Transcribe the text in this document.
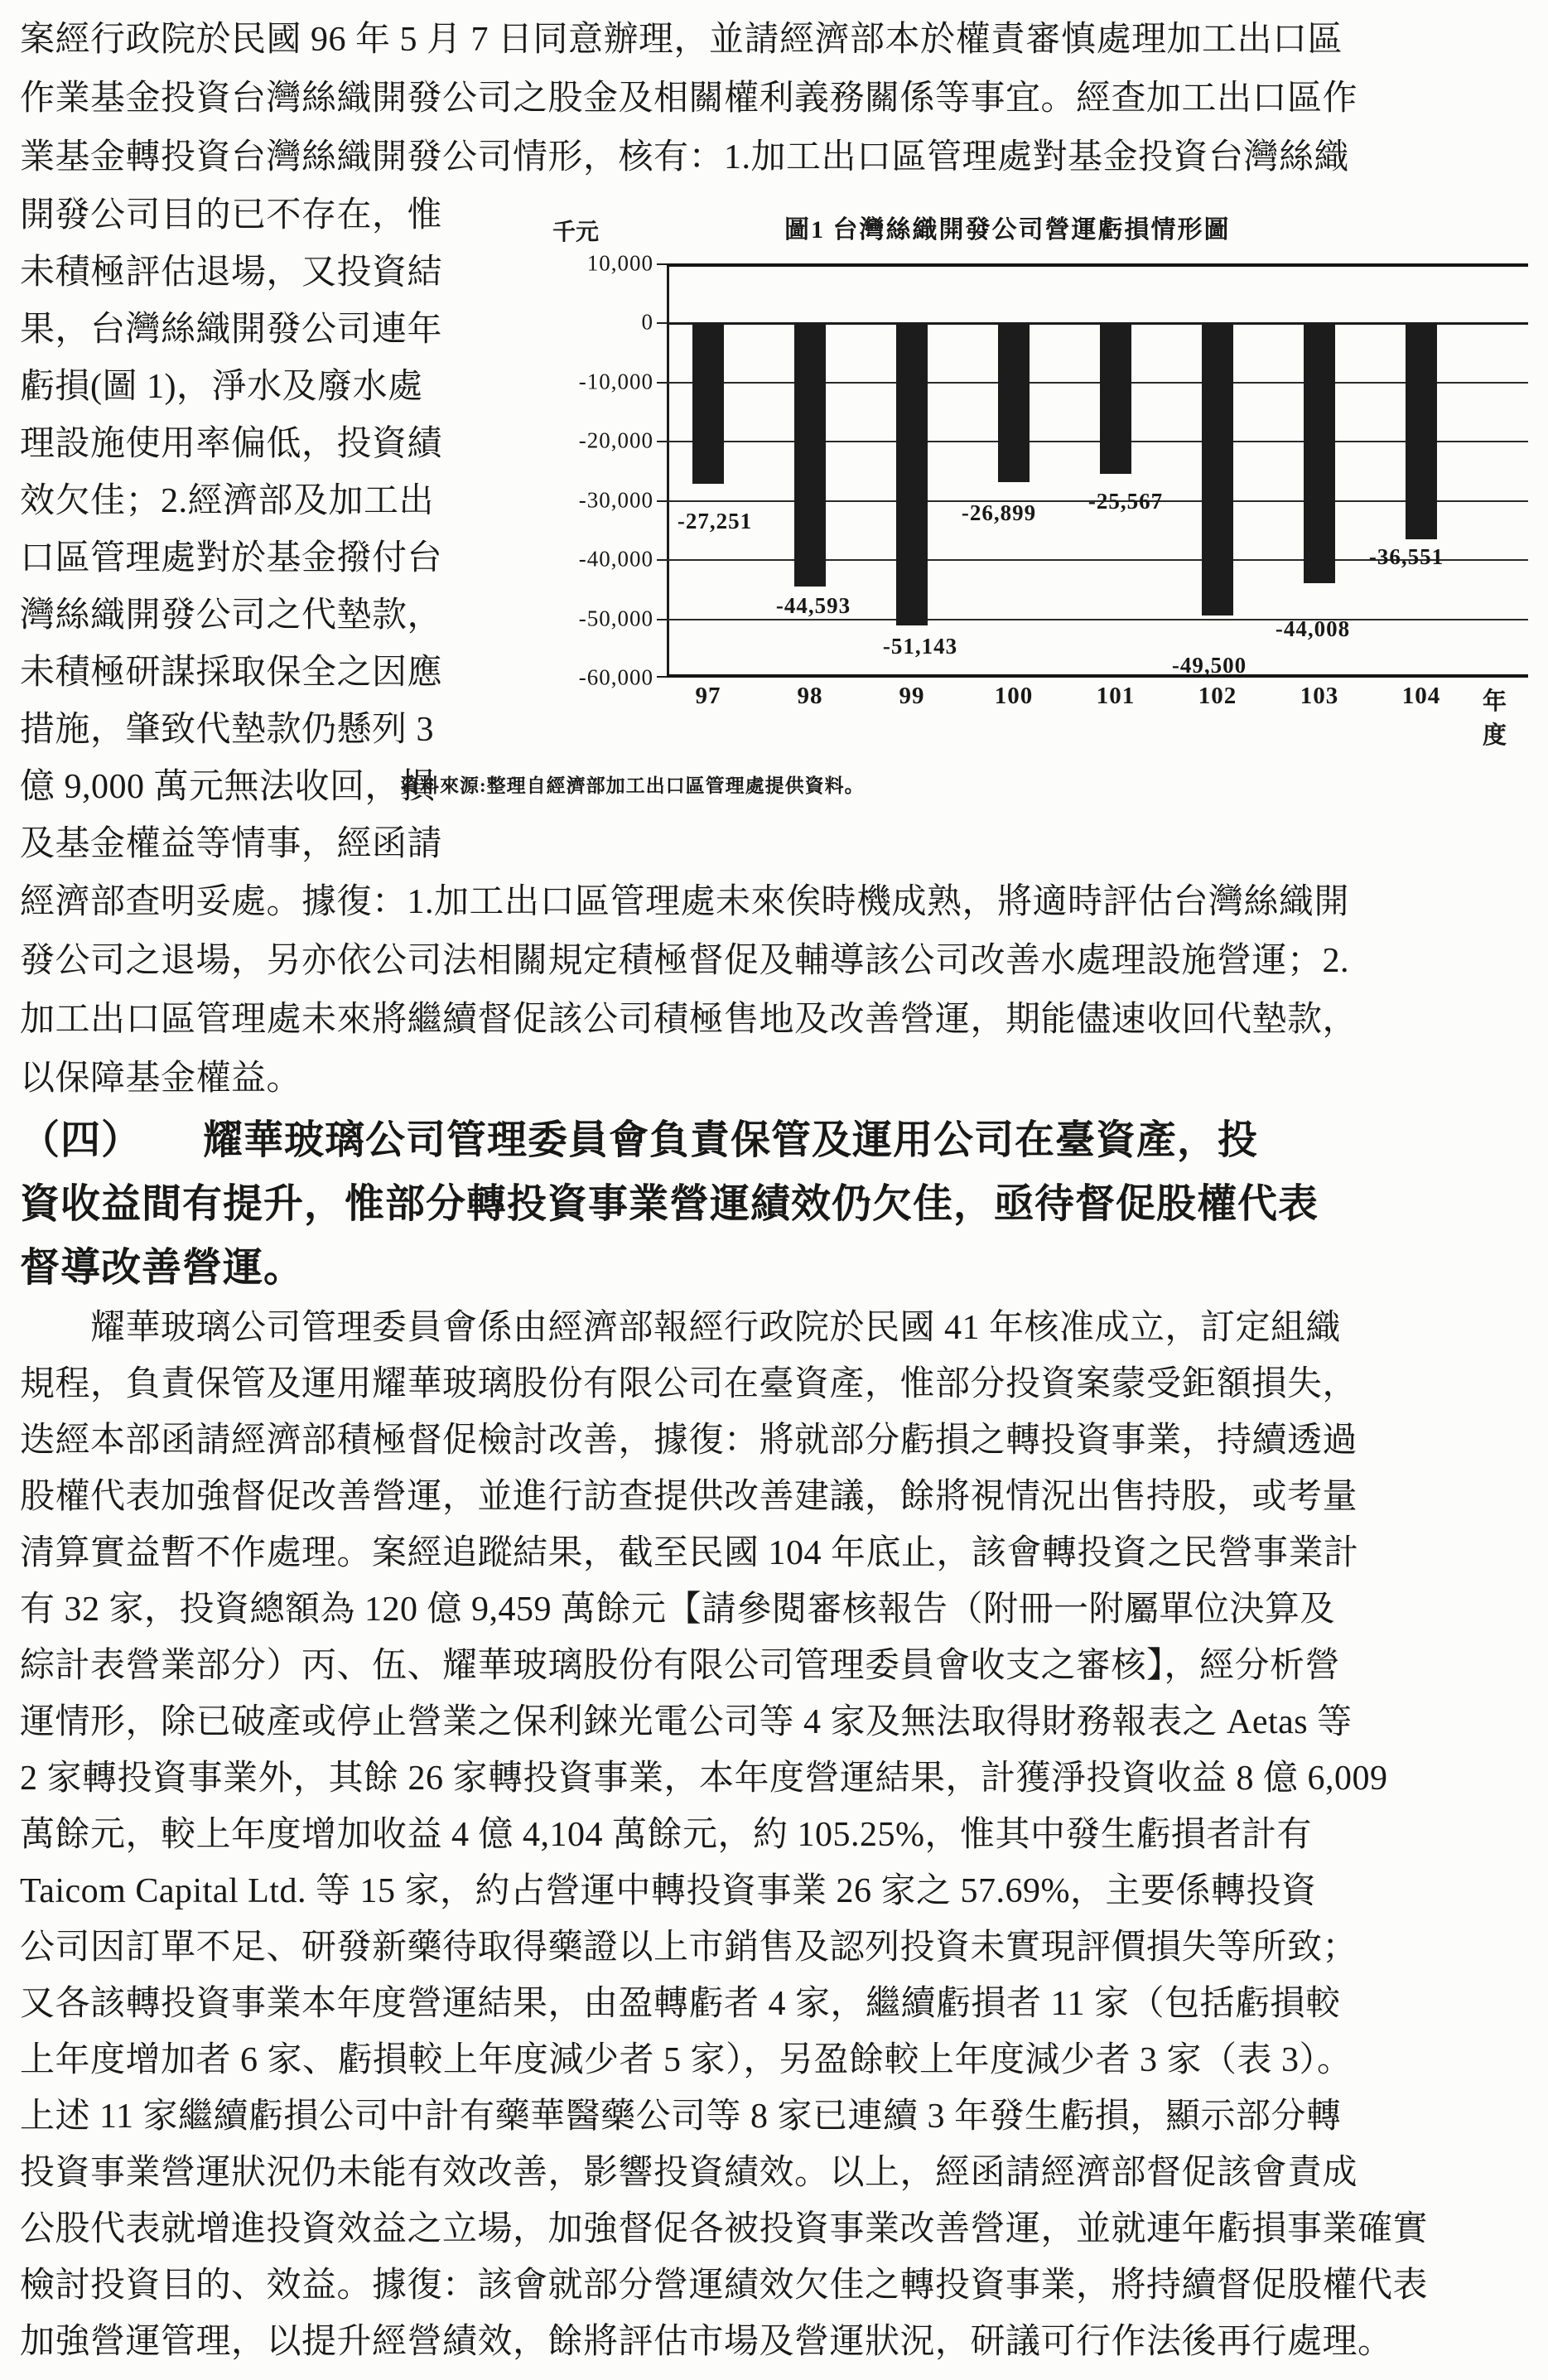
案經行政院於民國 96 年 5 月 7 日同意辦理，並請經濟部本於權責審慎處理加工出口區
作業基金投資台灣絲織開發公司之股金及相關權利義務關係等事宜。經查加工出口區作
業基金轉投資台灣絲織開發公司情形，核有：1.加工出口區管理處對基金投資台灣絲織
開發公司目的已不存在，惟
未積極評估退場，又投資結
果，台灣絲織開發公司連年
虧損(圖 1)，淨水及廢水處
理設施使用率偏低，投資績
效欠佳；2.經濟部及加工出
口區管理處對於基金撥付台
灣絲織開發公司之代墊款，
未積極研謀採取保全之因應
措施，肇致代墊款仍懸列 3
億 9,000 萬元無法收回，損
及基金權益等情事，經函請
千元	圖1 台灣絲織開發公司營運虧損情形圖
10,000
0
-10,000
-20,000
-30,000
-40,000
-50,000
-60,000
-27,251
-44,593
-51,143
-26,899 -25,567
-49,500
-44,008
-36,551
年度
97	98	99	100	101	102	103	104
資料來源:整理自經濟部加工出口區管理處提供資料。
經濟部查明妥處。據復：1.加工出口區管理處未來俟時機成熟，將適時評估台灣絲織開
發公司之退場，另亦依公司法相關規定積極督促及輔導該公司改善水處理設施營運；2.
加工出口區管理處未來將繼續督促該公司積極售地及改善營運，期能儘速收回代墊款，
以保障基金權益。
（四）　　耀華玻璃公司管理委員會負責保管及運用公司在臺資產，投
資收益間有提升，惟部分轉投資事業營運績效仍欠佳，亟待督促股權代表
督導改善營運。
　　耀華玻璃公司管理委員會係由經濟部報經行政院於民國 41 年核准成立，訂定組織
規程，負責保管及運用耀華玻璃股份有限公司在臺資產，惟部分投資案蒙受鉅額損失，
迭經本部函請經濟部積極督促檢討改善，據復：將就部分虧損之轉投資事業，持續透過
股權代表加強督促改善營運，並進行訪查提供改善建議，餘將視情況出售持股，或考量
清算實益暫不作處理。案經追蹤結果，截至民國 104 年底止，該會轉投資之民營事業計
有 32 家，投資總額為 120 億 9,459 萬餘元【請參閱審核報告（附冊一附屬單位決算及
綜計表營業部分）丙、伍、耀華玻璃股份有限公司管理委員會收支之審核】，經分析營
運情形，除已破產或停止營業之保利錸光電公司等 4 家及無法取得財務報表之 Aetas 等
2 家轉投資事業外，其餘 26 家轉投資事業，本年度營運結果，計獲淨投資收益 8 億 6,009
萬餘元，較上年度增加收益 4 億 4,104 萬餘元，約 105.25%，惟其中發生虧損者計有
Taicom Capital Ltd. 等 15 家，約占營運中轉投資事業 26 家之 57.69%，主要係轉投資
公司因訂單不足、研發新藥待取得藥證以上市銷售及認列投資未實現評價損失等所致；
又各該轉投資事業本年度營運結果，由盈轉虧者 4 家，繼續虧損者 11 家（包括虧損較
上年度增加者 6 家、虧損較上年度減少者 5 家），另盈餘較上年度減少者 3 家（表 3）。
上述 11 家繼續虧損公司中計有藥華醫藥公司等 8 家已連續 3 年發生虧損，顯示部分轉
投資事業營運狀況仍未能有效改善，影響投資績效。以上，經函請經濟部督促該會責成
公股代表就增進投資效益之立場，加強督促各被投資事業改善營運，並就連年虧損事業確實
檢討投資目的、效益。據復：該會就部分營運績效欠佳之轉投資事業，將持續督促股權代表
加強營運管理，以提升經營績效，餘將評估市場及營運狀況，研議可行作法後再行處理。
